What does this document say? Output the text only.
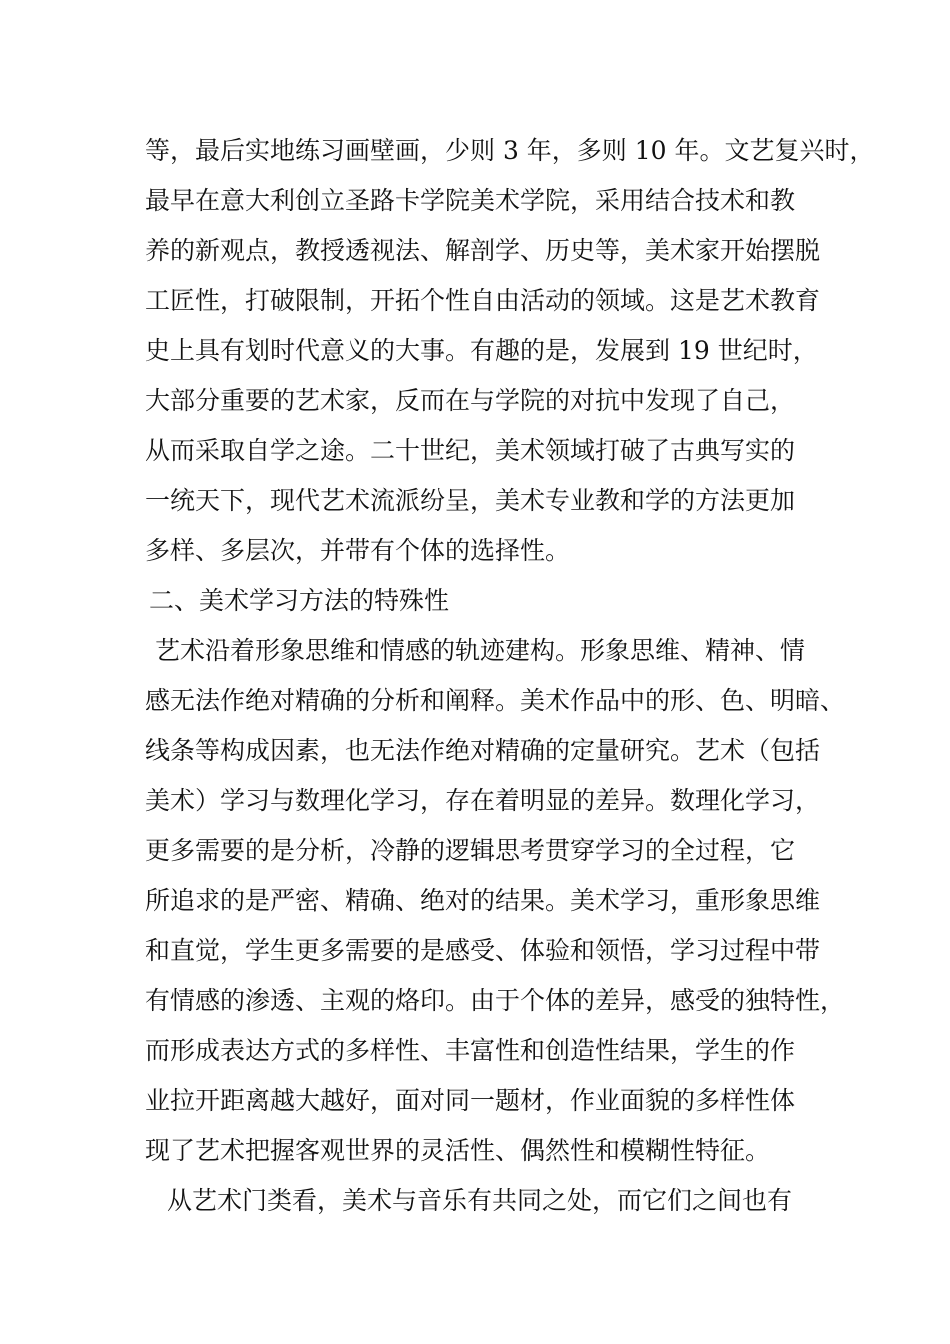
等，最后实地练习画壁画，少则 3 年，多则 10 年。文艺复兴时，
最早在意大利创立圣路卡学院美术学院，采用结合技术和教
养的新观点，教授透视法、解剖学、历史等，美术家开始摆脱
工匠性，打破限制，开拓个性自由活动的领域。这是艺术教育
史上具有划时代意义的大事。有趣的是，发展到 19 世纪时，
大部分重要的艺术家，反而在与学院的对抗中发现了自己，
从而采取自学之途。二十世纪，美术领域打破了古典写实的
一统天下，现代艺术流派纷呈，美术专业教和学的方法更加
多样、多层次，并带有个体的选择性。
二、美术学习方法的特殊性
艺术沿着形象思维和情感的轨迹建构。形象思维、精神、情
感无法作绝对精确的分析和阐释。美术作品中的形、色、明暗、
线条等构成因素，也无法作绝对精确的定量研究。艺术（包括
美术）学习与数理化学习，存在着明显的差异。数理化学习，
更多需要的是分析，冷静的逻辑思考贯穿学习的全过程，它
所追求的是严密、精确、绝对的结果。美术学习，重形象思维
和直觉，学生更多需要的是感受、体验和领悟，学习过程中带
有情感的渗透、主观的烙印。由于个体的差异，感受的独特性，
而形成表达方式的多样性、丰富性和创造性结果，学生的作
业拉开距离越大越好，面对同一题材，作业面貌的多样性体
现了艺术把握客观世界的灵活性、偶然性和模糊性特征。
从艺术门类看，美术与音乐有共同之处，而它们之间也有
